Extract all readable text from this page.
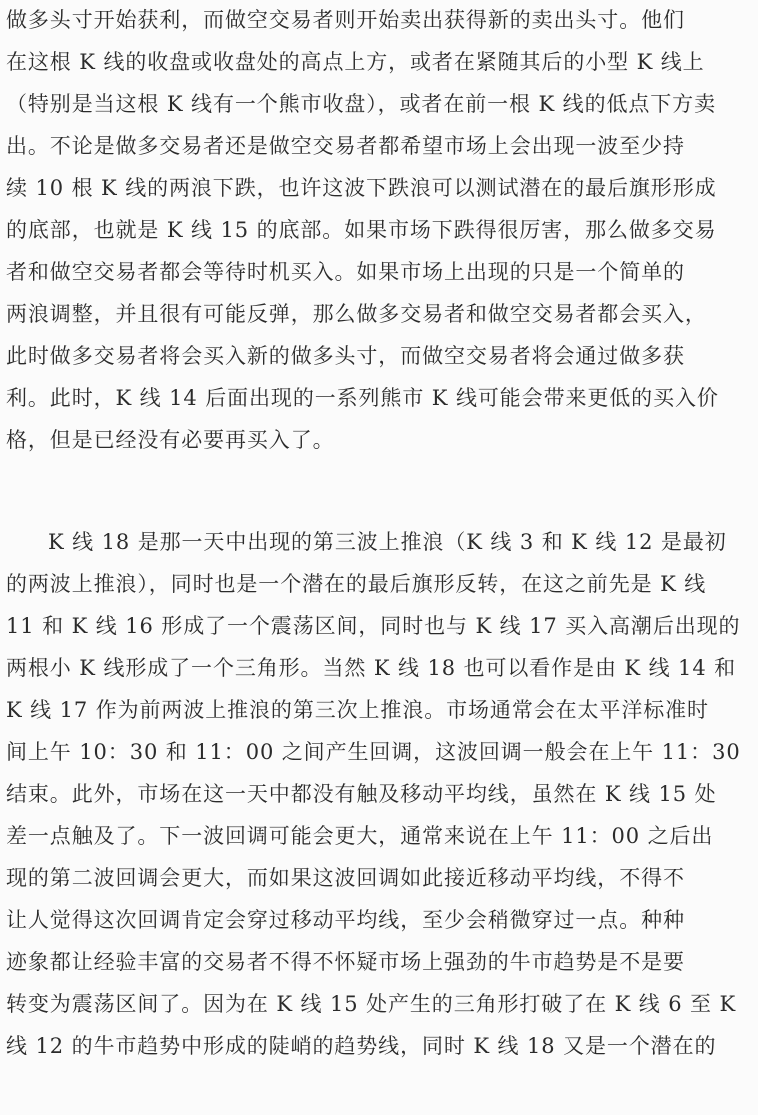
做多头寸开始获利，而做空交易者则开始卖出获得新的卖出头寸。他们
在这根 K 线的收盘或收盘处的高点上方，或者在紧随其后的小型 K 线上
（特别是当这根 K 线有一个熊市收盘），或者在前一根 K 线的低点下方卖
出。不论是做多交易者还是做空交易者都希望市场上会出现一波至少持
续 10 根 K 线的两浪下跌，也许这波下跌浪可以测试潜在的最后旗形形成
的底部，也就是 K 线 15 的底部。如果市场下跌得很厉害，那么做多交易
者和做空交易者都会等待时机买入。如果市场上出现的只是一个简单的
两浪调整，并且很有可能反弹，那么做多交易者和做空交易者都会买入，
此时做多交易者将会买入新的做多头寸，而做空交易者将会通过做多获
利。此时，K 线 14 后面出现的一系列熊市 K 线可能会带来更低的买入价
格，但是已经没有必要再买入了。
K 线 18 是那一天中出现的第三波上推浪（K 线 3 和 K 线 12 是最初
的两波上推浪），同时也是一个潜在的最后旗形反转，在这之前先是 K 线
11 和 K 线 16 形成了一个震荡区间，同时也与 K 线 17 买入高潮后出现的
两根小 K 线形成了一个三角形。当然 K 线 18 也可以看作是由 K 线 14 和
K 线 17 作为前两波上推浪的第三次上推浪。市场通常会在太平洋标准时
间上午 10：30 和 11：00 之间产生回调，这波回调一般会在上午 11：30
结束。此外，市场在这一天中都没有触及移动平均线，虽然在 K 线 15 处
差一点触及了。下一波回调可能会更大，通常来说在上午 11：00 之后出
现的第二波回调会更大，而如果这波回调如此接近移动平均线，不得不
让人觉得这次回调肯定会穿过移动平均线，至少会稍微穿过一点。种种
迹象都让经验丰富的交易者不得不怀疑市场上强劲的牛市趋势是不是要
转变为震荡区间了。因为在 K 线 15 处产生的三角形打破了在 K 线 6 至 K
线 12 的牛市趋势中形成的陡峭的趋势线，同时 K 线 18 又是一个潜在的
